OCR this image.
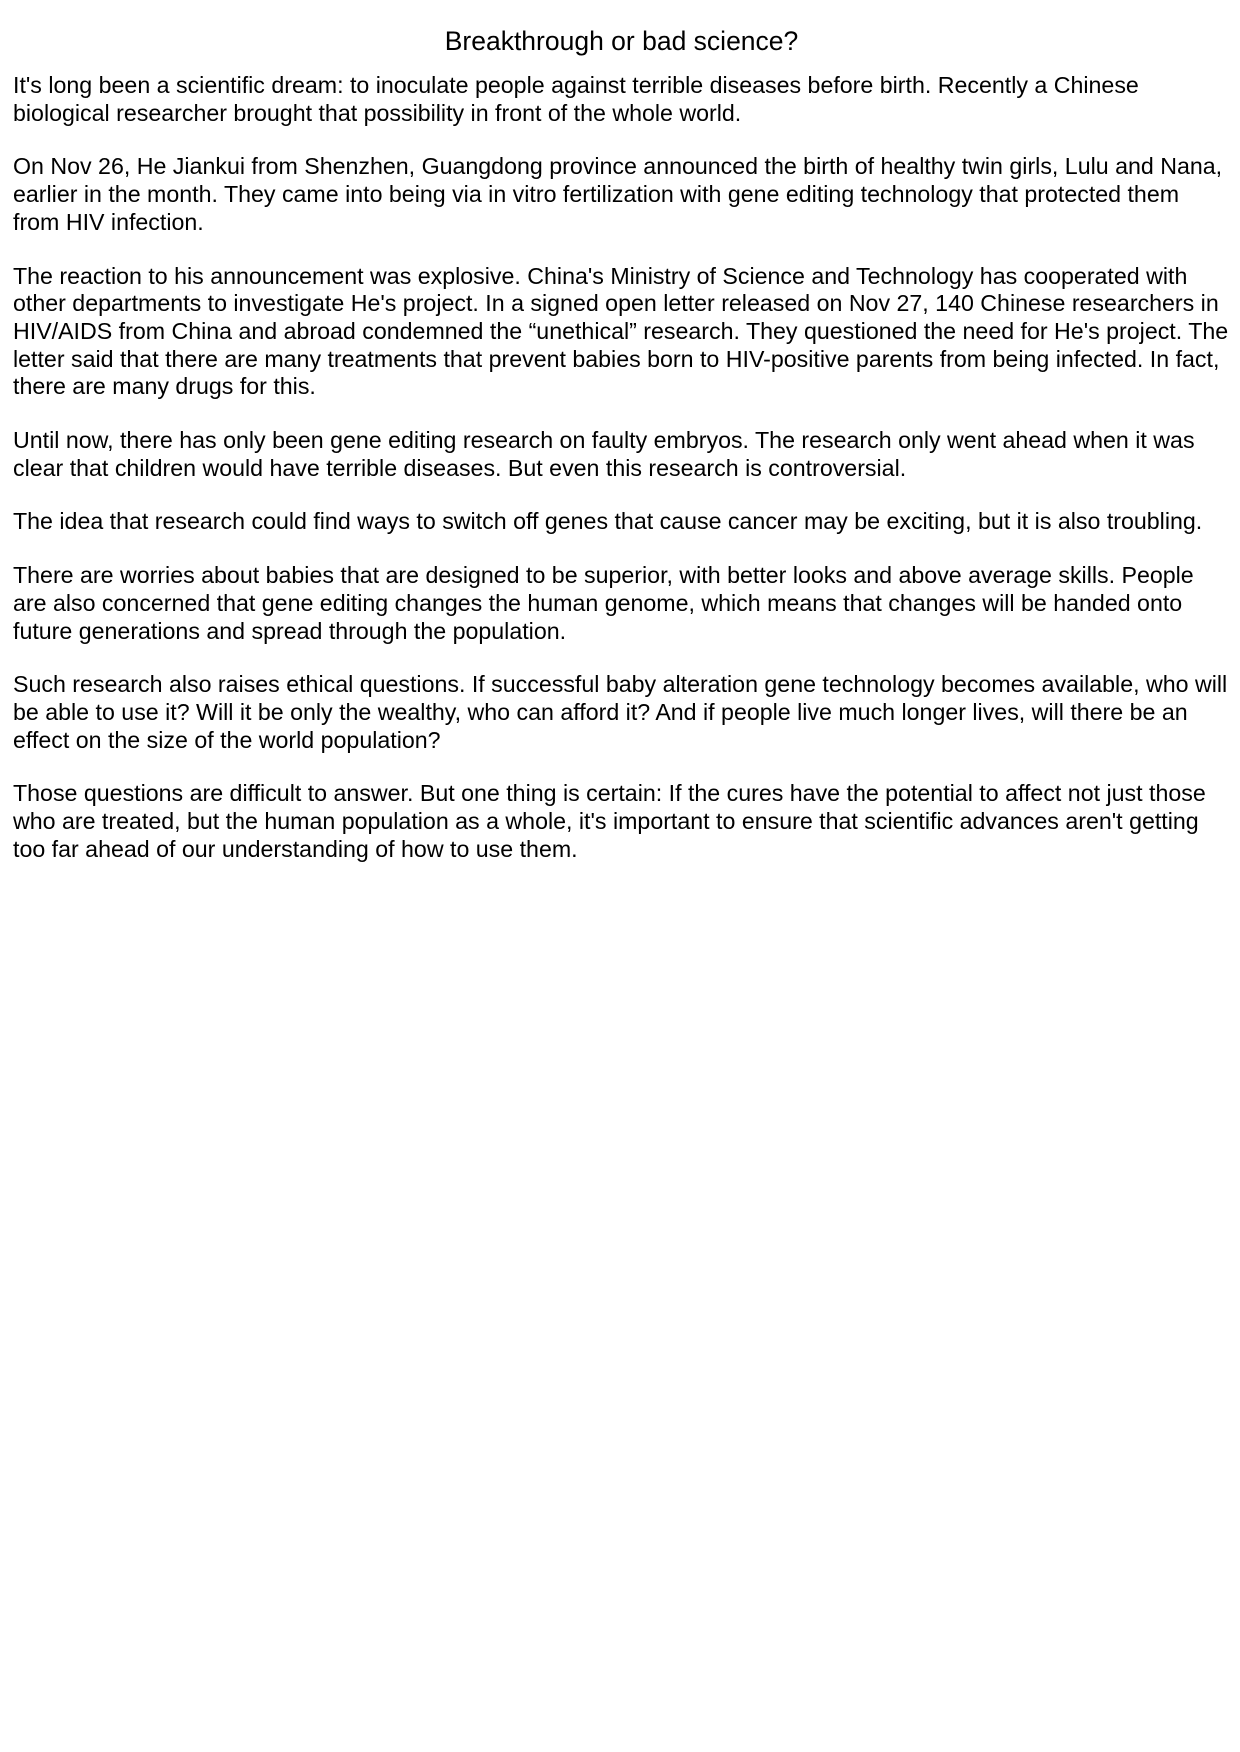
Breakthrough or bad science?

It's long been a scientific dream: to inoculate people against terrible diseases before birth. Recently a Chinese biological researcher brought that possibility in front of the whole world.

On Nov 26, He Jiankui from Shenzhen, Guangdong province announced the birth of healthy twin girls, Lulu and Nana, earlier in the month. They came into being via in vitro fertilization with gene editing technology that protected them from HIV infection.

The reaction to his announcement was explosive. China's Ministry of Science and Technology has cooperated with other departments to investigate He's project. In a signed open letter released on Nov 27, 140 Chinese researchers in HIV/AIDS from China and abroad condemned the “unethical” research. They questioned the need for He's project. The letter said that there are many treatments that prevent babies born to HIV-positive parents from being infected. In fact, there are many drugs for this.

Until now, there has only been gene editing research on faulty embryos. The research only went ahead when it was clear that children would have terrible diseases. But even this research is controversial.

The idea that research could find ways to switch off genes that cause cancer may be exciting, but it is also troubling.

There are worries about babies that are designed to be superior, with better looks and above average skills. People are also concerned that gene editing changes the human genome, which means that changes will be handed onto future generations and spread through the population.

Such research also raises ethical questions. If successful baby alteration gene technology becomes available, who will be able to use it? Will it be only the wealthy, who can afford it? And if people live much longer lives, will there be an effect on the size of the world population?

Those questions are difficult to answer. But one thing is certain: If the cures have the potential to affect not just those who are treated, but the human population as a whole, it's important to ensure that scientific advances aren't getting too far ahead of our understanding of how to use them.
